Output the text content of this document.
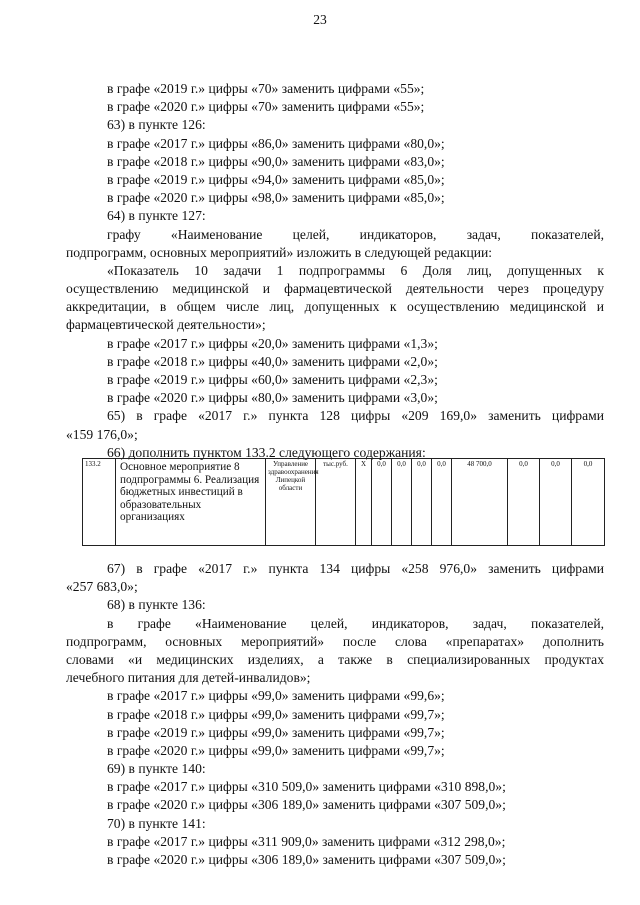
23
в графе «2019 г.» цифры «70» заменить цифрами «55»;
в графе «2020 г.» цифры «70» заменить цифрами «55»;
63) в пункте 126:
в графе «2017 г.» цифры «86,0» заменить цифрами «80,0»;
в графе «2018 г.» цифры «90,0» заменить цифрами «83,0»;
в графе «2019 г.» цифры «94,0» заменить цифрами «85,0»;
в графе «2020 г.» цифры «98,0» заменить цифрами «85,0»;
64) в пункте 127:
графу «Наименование целей, индикаторов, задач, показателей,
подпрограмм, основных мероприятий» изложить в следующей редакции:
«Показатель 10 задачи 1 подпрограммы 6 Доля лиц, допущенных к
осуществлению медицинской и фармацевтической деятельности через процедуру
аккредитации, в общем числе лиц, допущенных к осуществлению медицинской и
фармацевтической деятельности»;
в графе «2017 г.» цифры «20,0» заменить цифрами «1,3»;
в графе «2018 г.» цифры «40,0» заменить цифрами «2,0»;
в графе «2019 г.» цифры «60,0» заменить цифрами «2,3»;
в графе «2020 г.» цифры «80,0» заменить цифрами «3,0»;
65) в графе «2017 г.» пункта 128 цифры «209 169,0» заменить цифрами
«159 176,0»;
66) дополнить пунктом 133.2 следующего содержания:
133.2	Основное мероприятие 8 подпрограммы 6. Реализация бюджетных инвестиций в образовательных организациях	Управление здравоохранения Липецкой области	тыс.руб.	X	0,0	0,0	0,0	0,0	48 700,0	0,0	0,0	0,0
67) в графе «2017 г.» пункта 134 цифры «258 976,0» заменить цифрами
«257 683,0»;
68) в пункте 136:
в графе «Наименование целей, индикаторов, задач, показателей,
подпрограмм, основных мероприятий» после слова «препаратах» дополнить
словами «и медицинских изделиях, а также в специализированных продуктах
лечебного питания для детей-инвалидов»;
в графе «2017 г.» цифры «99,0» заменить цифрами «99,6»;
в графе «2018 г.» цифры «99,0» заменить цифрами «99,7»;
в графе «2019 г.» цифры «99,0» заменить цифрами «99,7»;
в графе «2020 г.» цифры «99,0» заменить цифрами «99,7»;
69) в пункте 140:
в графе «2017 г.» цифры «310 509,0» заменить цифрами «310 898,0»;
в графе «2020 г.» цифры «306 189,0» заменить цифрами «307 509,0»;
70) в пункте 141:
в графе «2017 г.» цифры «311 909,0» заменить цифрами «312 298,0»;
в графе «2020 г.» цифры «306 189,0» заменить цифрами «307 509,0»;
